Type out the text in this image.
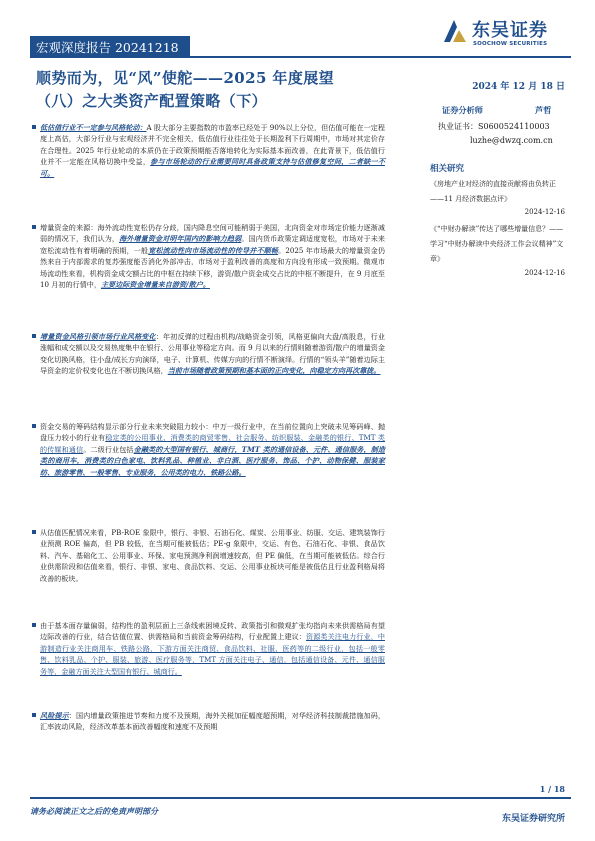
东吴证券
SOOCHOW SECURITIES
宏观深度报告 20241218
顺势而为，见“风”使舵——2025 年度展望
（八）之大类资产配置策略（下）
2024 年 12 月 18 日
证券分析师	芦哲
执业证书：S0600524110003
luzhe@dwzq.com.cn
相关研究
《房地产业对经济的直接贡献将由负转正——11 月经济数据点评》
2024-12-16
《“中财办解读”传达了哪些增量信息？——学习“中财办解读中央经济工作会议精神”文章》
2024-12-16
低估值行业不一定参与风格轮动：A 股大部分主要指数的市盈率已经处于 90%以上分位，但估值可能在一定程度上高估，大部分行业与宏观经济并不完全相关，低估值行业往往处于长期盈利下行周期中，市场对其定价存在合理性。2025 年行业轮动的本质仍在于政策预期能否落地转化为实际基本面改善，在此背景下，低估值行业并不一定能在风格切换中受益，参与市场轮动的行业需要同时具备政策支持与估值修复空间，二者缺一不可。
增量资金的来源：海外流动性宽松仍存分歧，国内降息空间可能稍弱于美国，北向资金对市场定价能力逐渐减弱的情况下，我们认为，海外增量资金对明年国内的影响力趋弱。国内货币政策定调适度宽松，市场对于未来宽松流动性有着明确的预期，一般宽松流动性向市场流动性的传导并不顺畅。2025 年市场最大的增量资金仍然来自于内部需求的复苏强度能否消化外部冲击，市场对于盈利改善的高度和方向没有形成一致预期。微观市场流动性来看，机构资金成交额占比的中枢在持续下移，游资/散户资金成交占比的中枢不断提升，在 9 月底至 10 月初的行情中，主要边际资金增量来自游资/散户。
增量资金风格引领市场行业风格变化：年初反弹的过程由机构/战略资金引领，风格更偏向大盘/高股息，行业涨幅和成交额以及交易热度集中在银行、公用事业等稳定方向。而 9 月以来的行情则随着游资/散户的增量资金变化切换风格，往小盘/成长方向演绎，电子、计算机、传媒方向的行情不断演绎。行情的“领头羊”随着边际主导资金的定价权变化也在不断切换风格，当前市场随着政策预期和基本面的正向变化，向稳定方向再次靠拢。
资金交易的筹码结构显示部分行业未来突破阻力较小：中万一级行业中，在当前位置向上突破未见筹码峰、抛盘压力较小的行业有稳定类的公用事业、消费类的商贸零售、社会服务、纺织服装、金融类的银行、TMT 类的传媒和通信。二级行业包括金融类的大型国有银行、城商行，TMT 类的通信设备、元件、通信服务，制造类的商用车，消费类的白色家电、饮料乳品、种植业、非白酒、医疗服务、饰品、个护、动物保健、服装家纺、旅游零售、一般零售、专业服务，公用类的电力、铁路公路。
从估值匹配情况来看，PB-ROE 象限中，银行、非银、石油石化、煤炭、公用事业、纺服、交运、建筑装饰行业预测 ROE 偏高，但 PB 较低，在当期可能被低估；PE-g 象限中，交运、有色、石油石化、非银、食品饮料、汽车、基础化工、公用事业、环保、家电预测净利润增速较高，但 PE 偏低，在当期可能被低估。综合行业供需阶段和估值来看，银行、非银、家电、食品饮料、交运、公用事业板块可能是被低估且行业盈利格局将改善的板块。
由于基本面存量偏弱，结构性的盈利层面上三条线索困境反转、政策指引和微观扩张均指向未来供需格局有望边际改善的行业，结合估值位置、供需格局和当前资金筹码结构，行业配置上建议：资源类关注电力行业，中游制造行业关注商用车、铁路公路，下游方面关注商贸、食品饮料、社服、医药等的二级行业，包括一般零售、饮料乳品、个护、服装、旅游、医疗服务等，TMT 方面关注电子、通信，包括通信设备、元件、通信服务等，金融方面关注大型国有银行、城商行。
风险提示：国内增量政策推进节奏和力度不及预期，海外关税加征幅度超预期，对华经济科技制裁措施加码，汇率波动风险，经济改革基本面改善幅度和速度不及预期
1 / 18
请务必阅读正文之后的免责声明部分
东吴证券研究所
